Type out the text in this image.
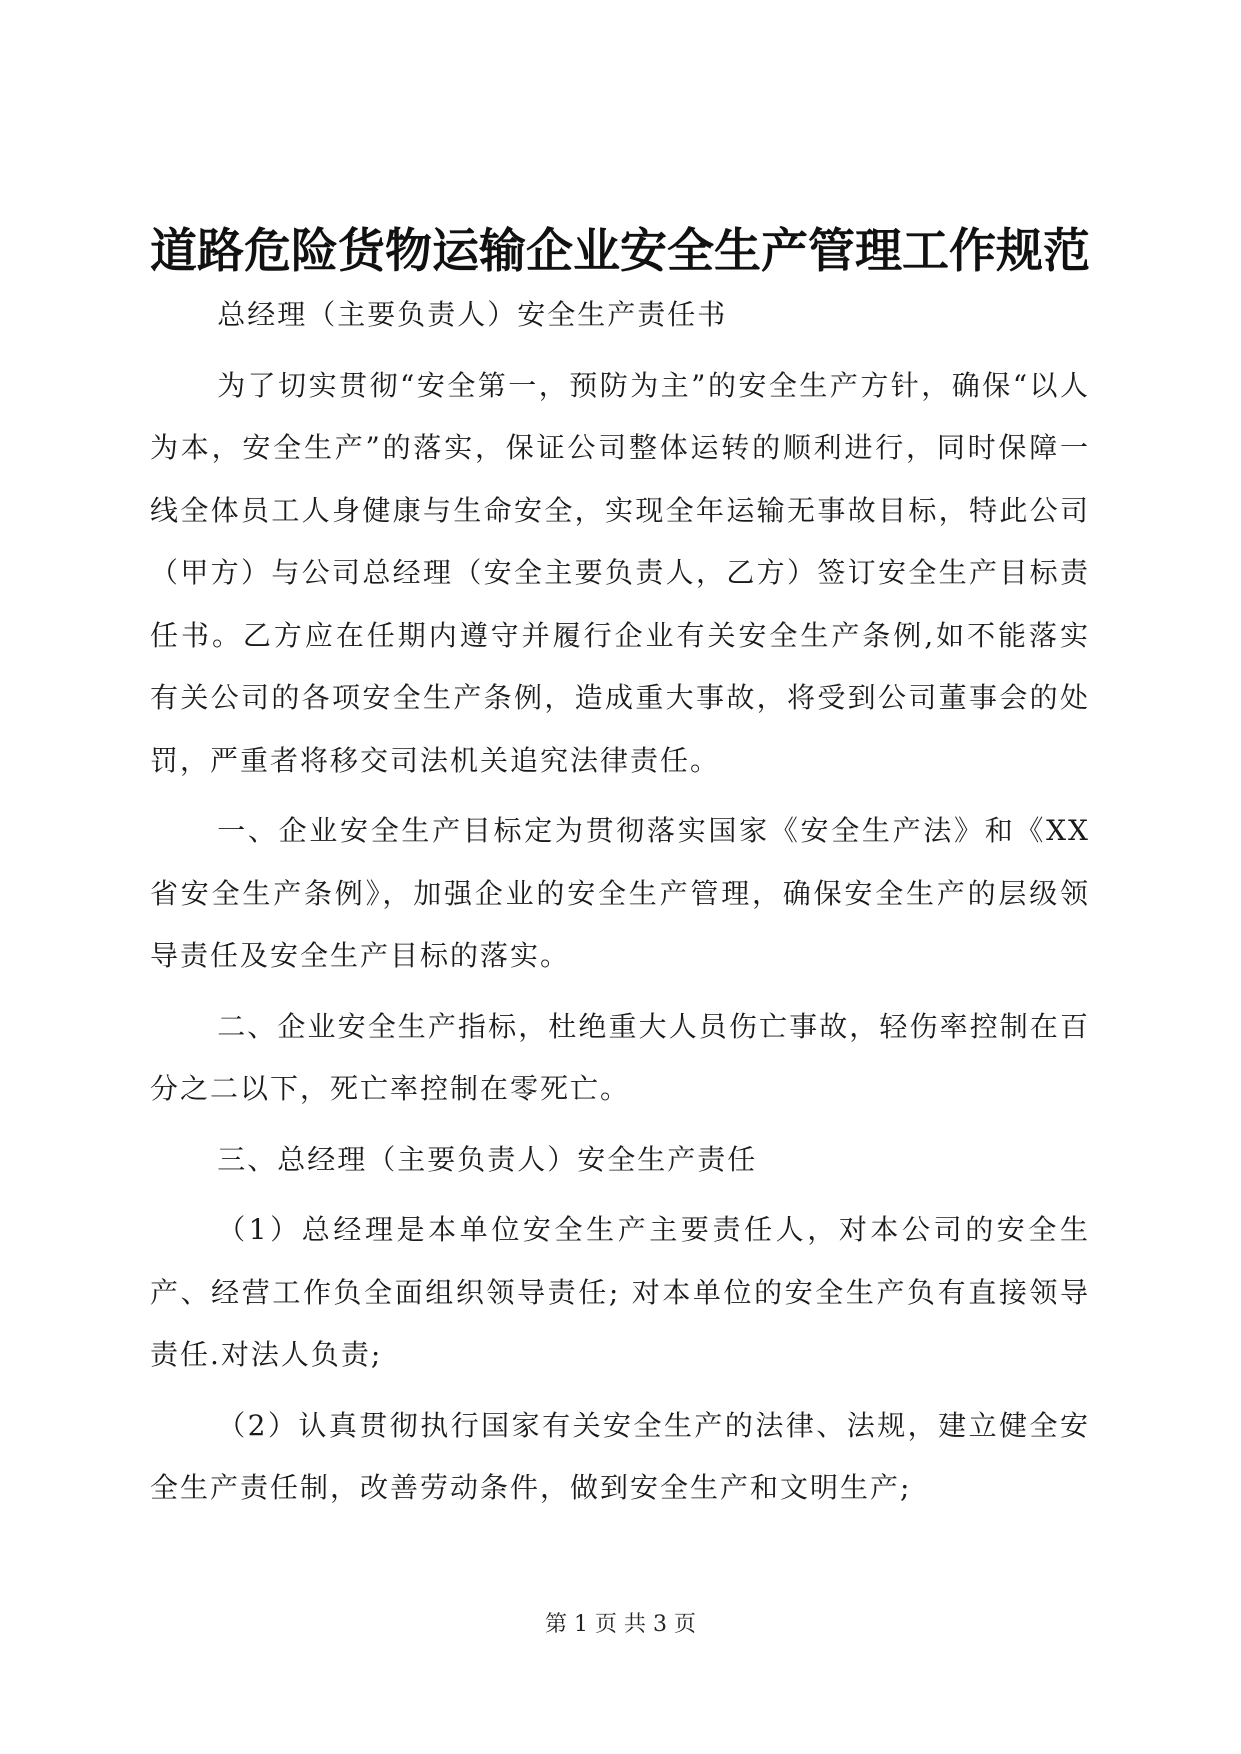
道路危险货物运输企业安全生产管理工作规范

总经理（主要负责人）安全生产责任书

为了切实贯彻“安全第一，预防为主”的安全生产方针，确保“以人为本，安全生产”的落实，保证公司整体运转的顺利进行，同时保障一线全体员工人身健康与生命安全，实现全年运输无事故目标，特此公司（甲方）与公司总经理（安全主要负责人，乙方）签订安全生产目标责任书。乙方应在任期内遵守并履行企业有关安全生产条例,如不能落实有关公司的各项安全生产条例，造成重大事故，将受到公司董事会的处罚，严重者将移交司法机关追究法律责任。

一、企业安全生产目标定为贯彻落实国家《安全生产法》和《XX省安全生产条例》，加强企业的安全生产管理，确保安全生产的层级领导责任及安全生产目标的落实。

二、企业安全生产指标，杜绝重大人员伤亡事故，轻伤率控制在百分之二以下，死亡率控制在零死亡。

三、总经理（主要负责人）安全生产责任

（1）总经理是本单位安全生产主要责任人，对本公司的安全生产、经营工作负全面组织领导责任; 对本单位的安全生产负有直接领导责任.对法人负责;

（2）认真贯彻执行国家有关安全生产的法律、法规，建立健全安全生产责任制，改善劳动条件，做到安全生产和文明生产;

第 1 页 共 3 页
